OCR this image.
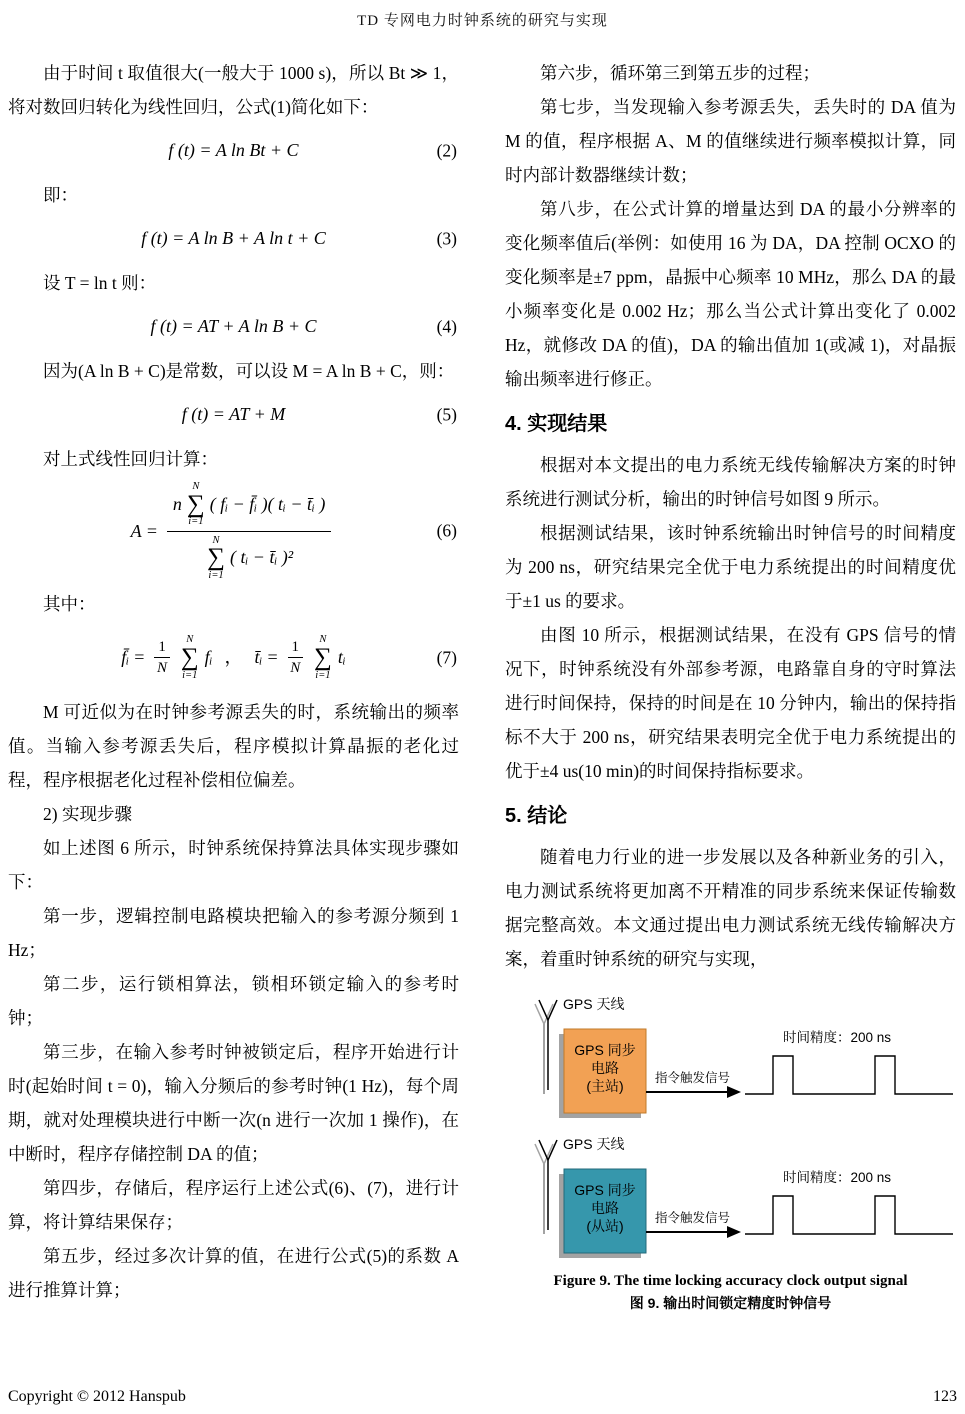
TD 专网电力时钟系统的研究与实现

由于时间 t 取值很大(一般大于 1000 s)，所以 Bt ≫ 1，将对数回归转化为线性回归，公式(1)简化如下：

f (t) = A ln Bt + C	(2)

即：

f (t) = A ln B + A ln t + C	(3)

设 T = ln t 则：

f (t) = AT + A ln B + C	(4)

因为(A ln B + C)是常数，可以设 M = A ln B + C，则：

f (t) = AT + M	(5)

对上式线性回归计算：

A =
n
N
∑
i=1
( fᵢ − f̄ᵢ )( tᵢ − t̄ᵢ )
N
∑
i=1
( tᵢ − t̄ᵢ )²
(6)

其中：

f̄ᵢ = $\frac{1}{N}$ N
∑
i=1
fᵢ ， t̄ᵢ = $\frac{1}{N}$ N
∑
i=1
tᵢ	(7)

M 可近似为在时钟参考源丢失的时，系统输出的频率值。当输入参考源丢失后，程序模拟计算晶振的老化过程，程序根据老化过程补偿相位偏差。

2) 实现步骤

如上述图 6 所示，时钟系统保持算法具体实现步骤如下：

第一步，逻辑控制电路模块把输入的参考源分频到 1 Hz；

第二步，运行锁相算法，锁相环锁定输入的参考时钟；

第三步，在输入参考时钟被锁定后，程序开始进行计时(起始时间 t = 0)，输入分频后的参考时钟(1 Hz)，每个周期，就对处理模块进行中断一次(n 进行一次加 1 操作)，在中断时，程序存储控制 DA 的值；

第四步，存储后，程序运行上述公式(6)、(7)，进行计算，将计算结果保存；

第五步，经过多次计算的值，在进行公式(5)的系数 A 进行推算计算；

第六步，循环第三到第五步的过程；

第七步，当发现输入参考源丢失，丢失时的 DA 值为 M 的值，程序根据 A、M 的值继续进行频率模拟计算，同时内部计数器继续计数；

第八步，在公式计算的增量达到 DA 的最小分辨率的变化频率值后(举例：如使用 16 为 DA，DA 控制 OCXO 的变化频率是±7 ppm，晶振中心频率 10 MHz，那么 DA 的最小频率变化是 0.002 Hz；那么当公式计算出变化了 0.002 Hz，就修改 DA 的值)，DA 的输出值加 1(或减 1)，对晶振输出频率进行修正。

4. 实现结果

根据对本文提出的电力系统无线传输解决方案的时钟系统进行测试分析，输出的时钟信号如图 9 所示。

根据测试结果，该时钟系统输出时钟信号的时间精度为 200 ns，研究结果完全优于电力系统提出的时间精度优于±1 us 的要求。

由图 10 所示，根据测试结果，在没有 GPS 信号的情况下，时钟系统没有外部参考源，电路靠自身的守时算法进行时间保持，保持的时间是在 10 分钟内，输出的保持指标不大于 200 ns，研究结果表明完全优于电力系统提出的优于±4 us(10 min)的时间保持指标要求。

5. 结论

随着电力行业的进一步发展以及各种新业务的引入，电力测试系统将更加离不开精准的同步系统来保证传输数据完整高效。本文通过提出电力测试系统无线传输解决方案，着重时钟系统的研究与实现，

GPS 天线
GPS 同步
电路
(主站)	指令触发信号
时间精度：200 ns
GPS 天线
GPS 同步
电路
(从站)	指令触发信号
时间精度：200 ns
Figure 9. The time locking accuracy clock output signal
图 9. 输出时间锁定精度时钟信号
Copyright © 2012 Hanspub	123
